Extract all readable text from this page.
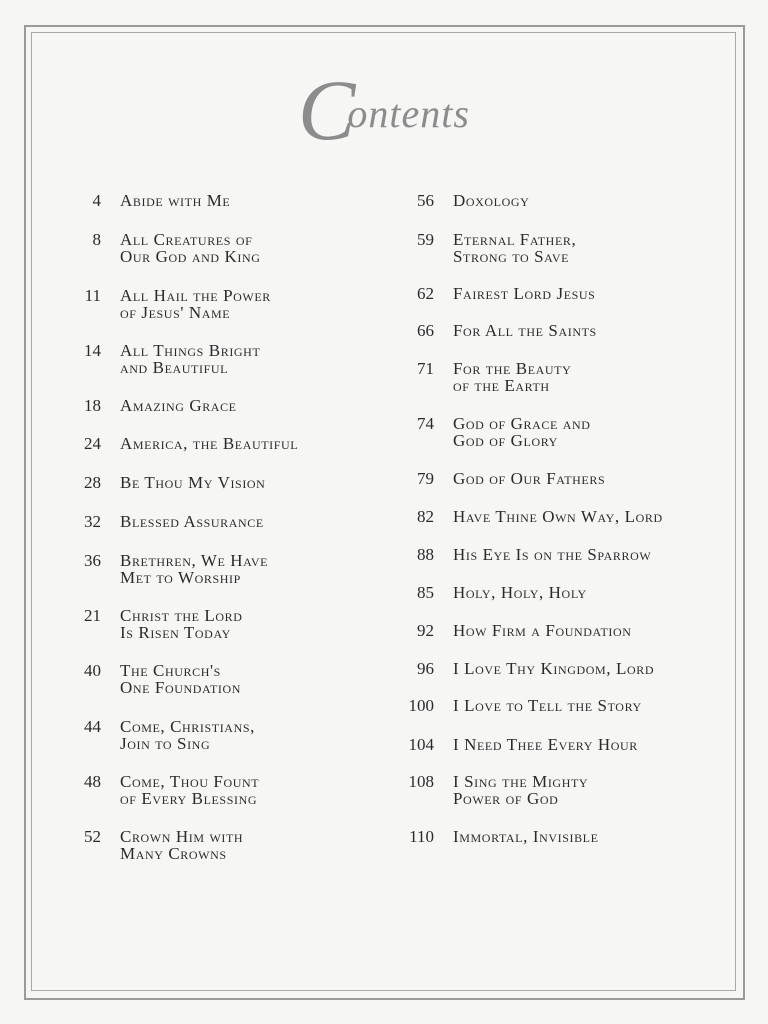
Contents
4 Abide with Me
8 All Creatures of
Our God and King
11 All Hail the Power
of Jesus' Name
14 All Things Bright
and Beautiful
18 Amazing Grace
24 America, the Beautiful
28 Be Thou My Vision
32 Blessed Assurance
36 Brethren, We Have
Met to Worship
21 Christ the Lord
Is Risen Today
40 The Church's
One Foundation
44 Come, Christians,
Join to Sing
48 Come, Thou Fount
of Every Blessing
52 Crown Him with
Many Crowns
56 Doxology
59 Eternal Father,
Strong to Save
62 Fairest Lord Jesus
66 For All the Saints
71 For the Beauty
of the Earth
74 God of Grace and
God of Glory
79 God of Our Fathers
82 Have Thine Own Way, Lord
88 His Eye Is on the Sparrow
85 Holy, Holy, Holy
92 How Firm a Foundation
96 I Love Thy Kingdom, Lord
100 I Love to Tell the Story
104 I Need Thee Every Hour
108 I Sing the Mighty
Power of God
110 Immortal, Invisible
